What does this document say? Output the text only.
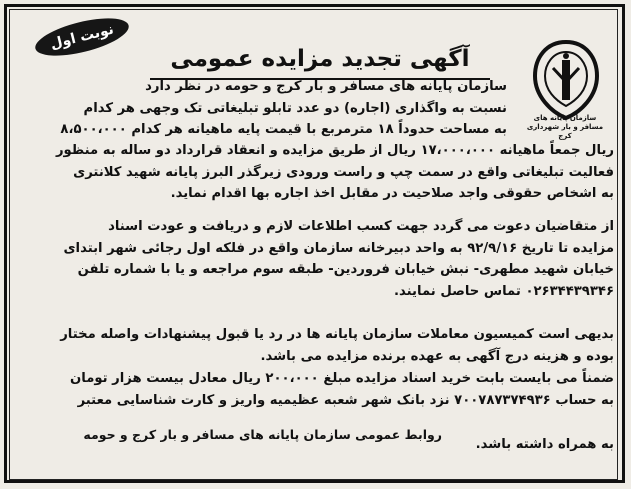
نوبت اول
آگهی تجدید مزایده عمومی
سازمان پایانه های مسافر و بار شهرداری کرج
سازمان پایانه های مسافر و بار کرج و حومه در نظر دارد
نسبت به واگذاری (اجاره) دو عدد تابلو تبلیغاتی تک وجهی هر کدام
به مساحت حدوداً ۱۸ مترمربع با قیمت پایه ماهیانه هر کدام ۸،۵۰۰،۰۰۰
ریال جمعاً ماهیانه ۱۷،۰۰۰،۰۰۰ ریال از طریق مزایده و انعقاد قرارداد دو ساله به منظور
فعالیت تبلیغاتی واقع در سمت چپ و راست ورودی زیرگذر البرز پایانه شهید کلانتری
به اشخاص حقوقی واجد صلاحیت در مقابل اخذ اجاره بها اقدام نماید.
از متقاضیان دعوت می گردد جهت کسب اطلاعات لازم و دریافت و عودت اسناد
مزایده تا تاریخ ۹۲/۹/۱۶ به واحد دبیرخانه سازمان واقع در فلکه اول رجائی شهر ابتدای
خیابان شهید مطهری- نبش خیابان فروردین- طبقه سوم مراجعه و یا با شماره تلفن
۰۲۶۳۴۴۳۹۳۴۶ تماس حاصل نمایند.
بدیهی است کمیسیون معاملات سازمان پایانه ها در رد یا قبول پیشنهادات واصله مختار
بوده و هزینه درج آگهی به عهده برنده مزایده می باشد.
ضمناً می بایست بابت خرید اسناد مزایده مبلغ ۲۰۰،۰۰۰ ریال معادل بیست هزار تومان
به حساب ۷۰۰۷۸۷۳۷۴۹۳۶ نزد بانک شهر شعبه عظیمیه واریز و کارت شناسایی معتبر
به همراه داشته باشد.
روابط عمومی سازمان پایانه های مسافر و بار کرج و حومه
